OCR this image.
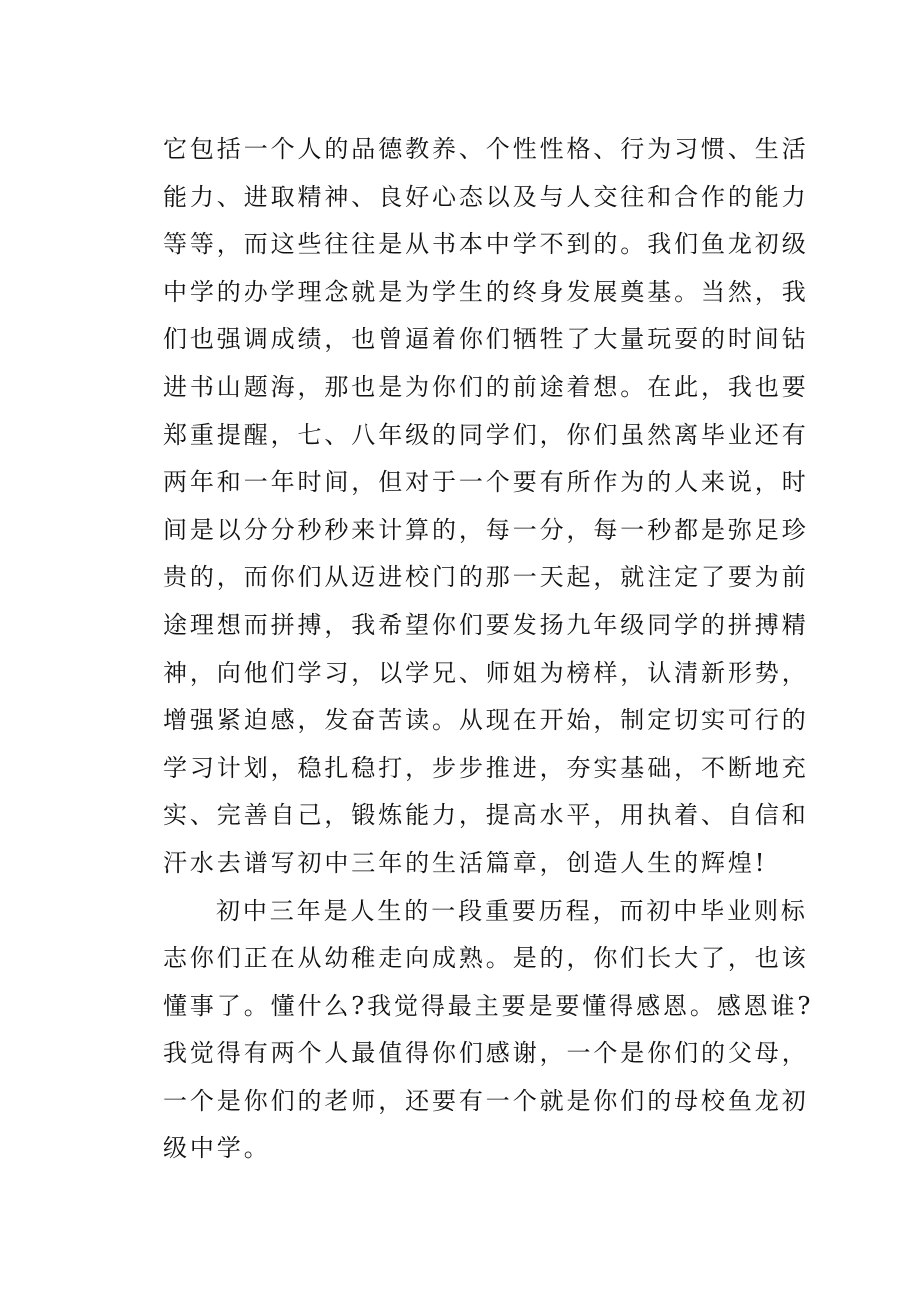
它包括一个人的品德教养、个性性格、行为习惯、生活
能力、进取精神、良好心态以及与人交往和合作的能力
等等，而这些往往是从书本中学不到的。我们鱼龙初级
中学的办学理念就是为学生的终身发展奠基。当然，我
们也强调成绩，也曾逼着你们牺牲了大量玩耍的时间钻
进书山题海，那也是为你们的前途着想。在此，我也要
郑重提醒，七、八年级的同学们，你们虽然离毕业还有
两年和一年时间，但对于一个要有所作为的人来说，时
间是以分分秒秒来计算的，每一分，每一秒都是弥足珍
贵的，而你们从迈进校门的那一天起，就注定了要为前
途理想而拼搏，我希望你们要发扬九年级同学的拼搏精
神，向他们学习，以学兄、师姐为榜样，认清新形势，
增强紧迫感，发奋苦读。从现在开始，制定切实可行的
学习计划，稳扎稳打，步步推进，夯实基础，不断地充
实、完善自己，锻炼能力，提高水平，用执着、自信和
汗水去谱写初中三年的生活篇章，创造人生的辉煌!
初中三年是人生的一段重要历程，而初中毕业则标
志你们正在从幼稚走向成熟。是的，你们长大了，也该
懂事了。懂什么?我觉得最主要是要懂得感恩。感恩谁?
我觉得有两个人最值得你们感谢，一个是你们的父母，
一个是你们的老师，还要有一个就是你们的母校鱼龙初
级中学。
